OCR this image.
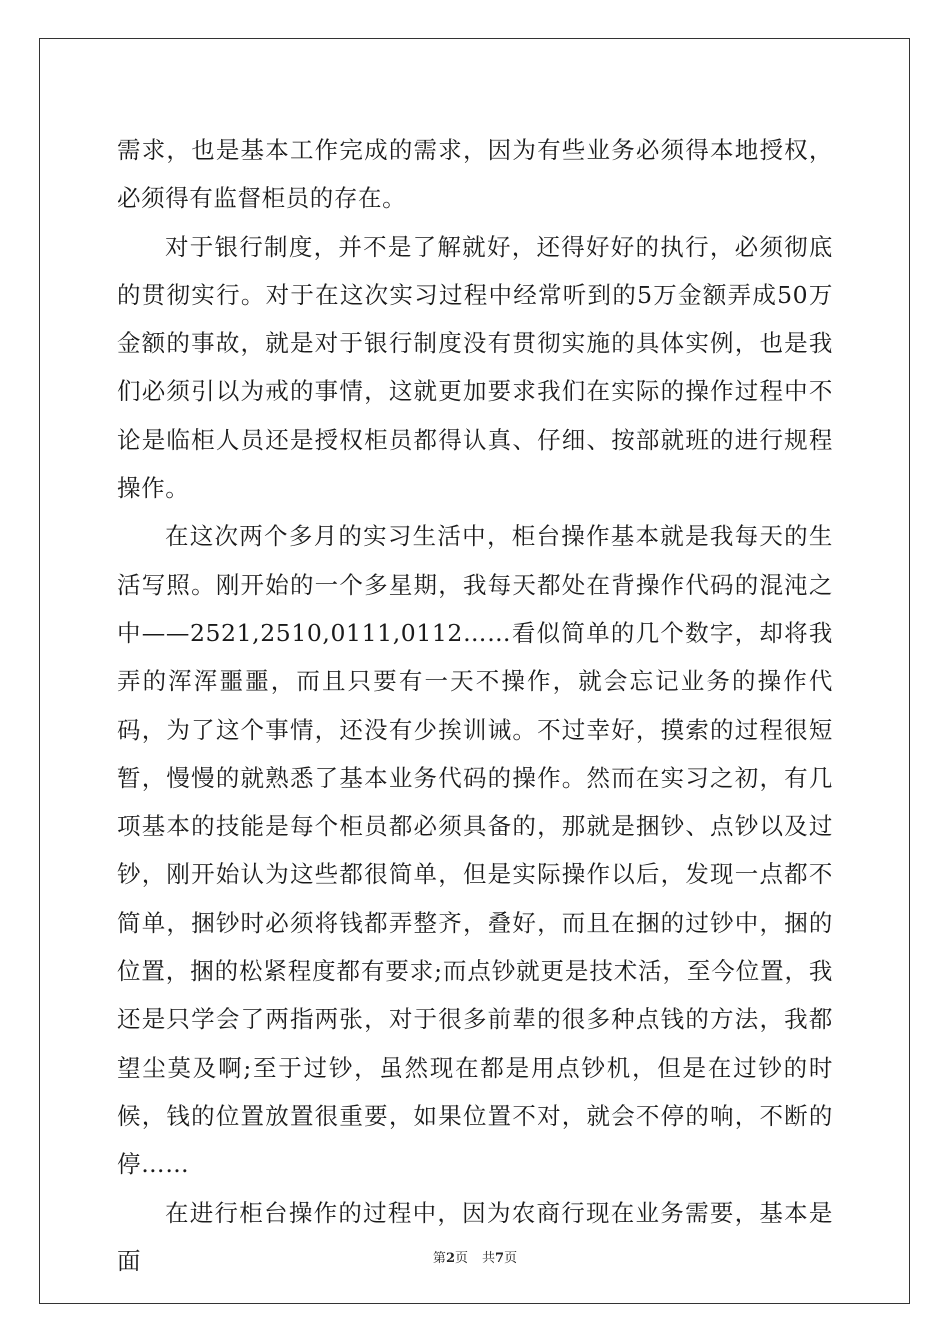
需求，也是基本工作完成的需求，因为有些业务必须得本地授权，必须得有监督柜员的存在。

对于银行制度，并不是了解就好，还得好好的执行，必须彻底的贯彻实行。对于在这次实习过程中经常听到的5万金额弄成50万金额的事故，就是对于银行制度没有贯彻实施的具体实例，也是我们必须引以为戒的事情，这就更加要求我们在实际的操作过程中不论是临柜人员还是授权柜员都得认真、仔细、按部就班的进行规程操作。

在这次两个多月的实习生活中，柜台操作基本就是我每天的生活写照。刚开始的一个多星期，我每天都处在背操作代码的混沌之中——2521,2510,0111,0112……看似简单的几个数字，却将我弄的浑浑噩噩，而且只要有一天不操作，就会忘记业务的操作代码，为了这个事情，还没有少挨训诫。不过幸好，摸索的过程很短暂，慢慢的就熟悉了基本业务代码的操作。然而在实习之初，有几项基本的技能是每个柜员都必须具备的，那就是捆钞、点钞以及过钞，刚开始认为这些都很简单，但是实际操作以后，发现一点都不简单，捆钞时必须将钱都弄整齐，叠好，而且在捆的过钞中，捆的位置，捆的松紧程度都有要求;而点钞就更是技术活，至今位置，我还是只学会了两指两张，对于很多前辈的很多种点钱的方法，我都望尘莫及啊;至于过钞，虽然现在都是用点钞机，但是在过钞的时候，钱的位置放置很重要，如果位置不对，就会不停的响，不断的停……

在进行柜台操作的过程中，因为农商行现在业务需要，基本是面	第2页 共7页
